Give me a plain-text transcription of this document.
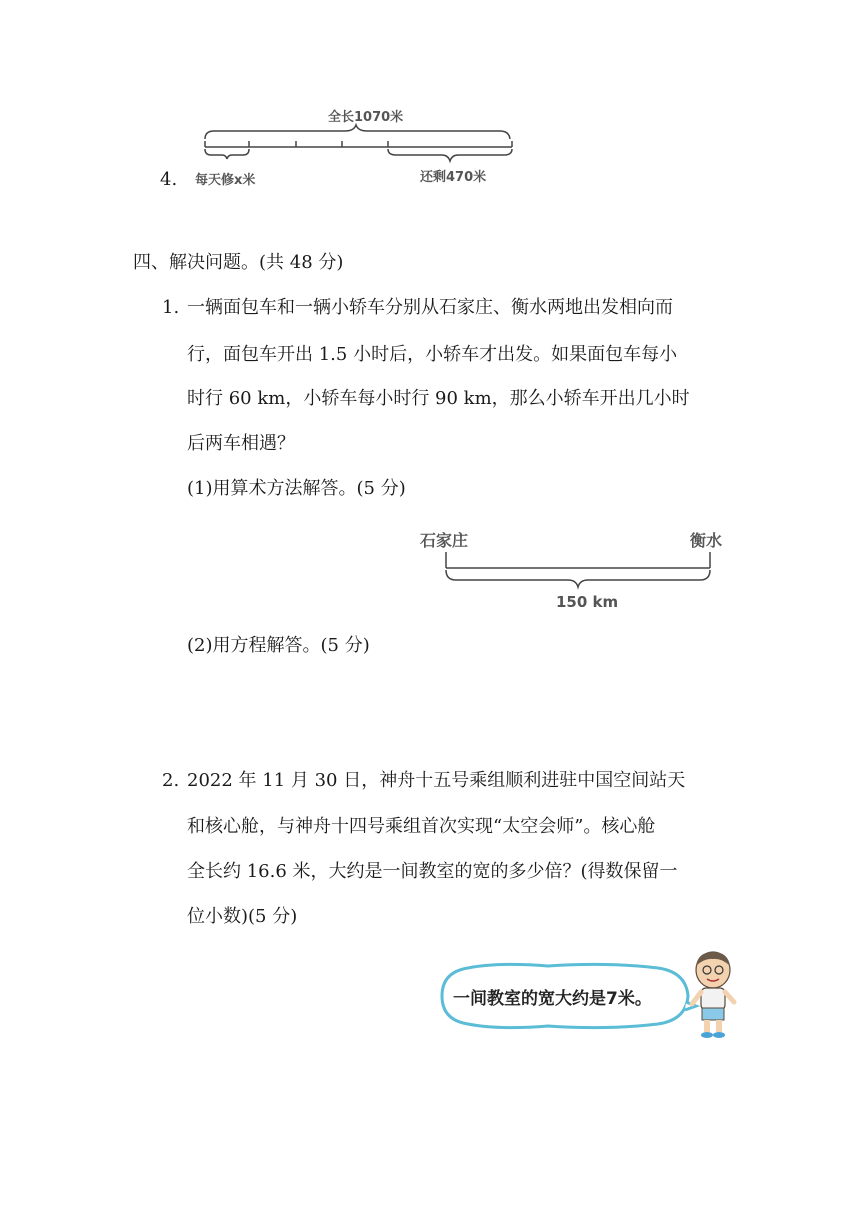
4.
全长1070米
每天修x米	还剩470米
四、解决问题。(共 48 分)
1. 一辆面包车和一辆小轿车分别从石家庄、衡水两地出发相向而
行，面包车开出 1.5 小时后，小轿车才出发。如果面包车每小
时行 60 km，小轿车每小时行 90 km，那么小轿车开出几小时
后两车相遇？
(1)用算术方法解答。(5 分)
石家庄	衡水
150 km
(2)用方程解答。(5 分)
2. 2022 年 11 月 30 日，神舟十五号乘组顺利进驻中国空间站天
和核心舱，与神舟十四号乘组首次实现“太空会师”。核心舱
全长约 16.6 米，大约是一间教室的宽的多少倍？(得数保留一
位小数)(5 分)
一间教室的宽大约是7米。
